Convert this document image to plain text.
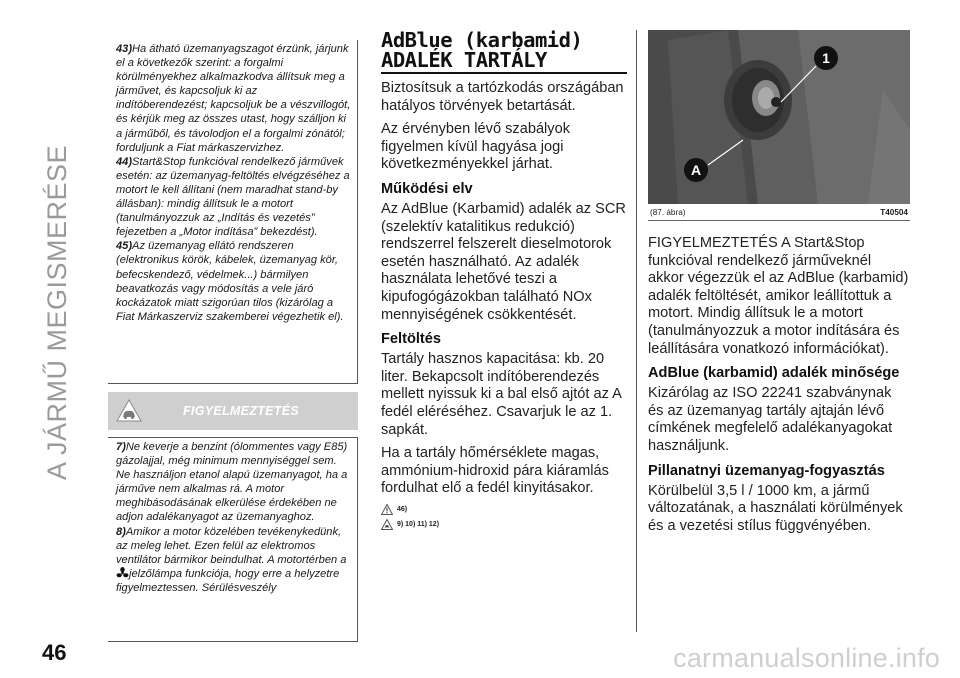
A JÁRMŰ MEGISMERÉSE

43)Ha átható üzemanyagszagot érzünk, járjunk el a következők szerint: a forgalmi körülményekhez alkalmazkodva állítsuk meg a járművet, és kapcsoljuk ki az indítóberendezést; kapcsoljuk be a vészvillogót, és kérjük meg az összes utast, hogy szálljon ki a járműből, és távolodjon el a forgalmi zónától; forduljunk a Fiat márkaszervizhez.

44)Start&Stop funkcióval rendelkező járművek esetén: az üzemanyag-feltöltés elvégzéséhez a motort le kell állítani (nem maradhat stand-by állásban): mindig állítsuk le a motort (tanulmányozzuk az „Indítás és vezetés” fejezetben a „Motor indítása” bekezdést).

45)Az üzemanyag ellátó rendszeren (elektronikus körök, kábelek, üzemanyag kör, befecskendező, védelmek...) bármilyen beavatkozás vagy módosítás a vele járó kockázatok miatt szigorúan tilos (kizárólag a Fiat Márkaszerviz szakemberei végezhetik el).

FIGYELMEZTETÉS

7)Ne keverje a benzint (ólommentes vagy E85) gázolajjal, még minimum mennyiséggel sem. Ne használjon etanol alapú üzemanyagot, ha a járműve nem alkalmas rá. A motor meghibásodásának elkerülése érdekében ne adjon adalékanyagot az üzemanyaghoz.

8)Amikor a motor közelében tevékenykedünk, az meleg lehet. Ezen felül az elektromos ventilátor bármikor beindulhat. A motortérben a jelzőlámpa funkciója, hogy erre a helyzetre figyelmeztessen. Sérülésveszély

AdBlue (karbamid)
ADALÉK TARTÁLY

Biztosítsuk a tartózkodás országában hatályos törvények betartását.

Az érvényben lévő szabályok figyelmen kívül hagyása jogi következményekkel járhat.

Működési elv

Az AdBlue (Karbamid) adalék az SCR (szelektív katalitikus redukció) rendszerrel felszerelt dieselmotorok esetén használható. Az adalék használata lehetővé teszi a kipufogógázokban található NOx mennyiségének csökkentését.

Feltöltés

Tartály hasznos kapacitása: kb. 20 liter. Bekapcsolt indítóberendezés mellett nyissuk ki a bal első ajtót az A fedél eléréséhez. Csavarjuk le az 1. sapkát.

Ha a tartály hőmérséklete magas, ammónium-hidroxid pára kiáramlás fordulhat elő a fedél kinyitásakor.

46)
9) 10) 11) 12)
1
A
(87. ábra)	T40504

FIGYELMEZTETÉS A Start&Stop funkcióval rendelkező járműveknél akkor végezzük el az AdBlue (karbamid) adalék feltöltését, amikor leállítottuk a motort. Mindig állítsuk le a motort (tanulmányozzuk a motor indítására és leállítására vonatkozó információkat).

AdBlue (karbamid) adalék minősége

Kizárólag az ISO 22241 szabványnak és az üzemanyag tartály ajtaján lévő címkének megfelelő adalékanyagokat használjunk.

Pillanatnyi üzemanyag-fogyasztás

Körülbelül 3,5 l / 1000 km, a jármű változatának, a használati körülmények és a vezetési stílus függvényében.

46	carmanualsonline.info
